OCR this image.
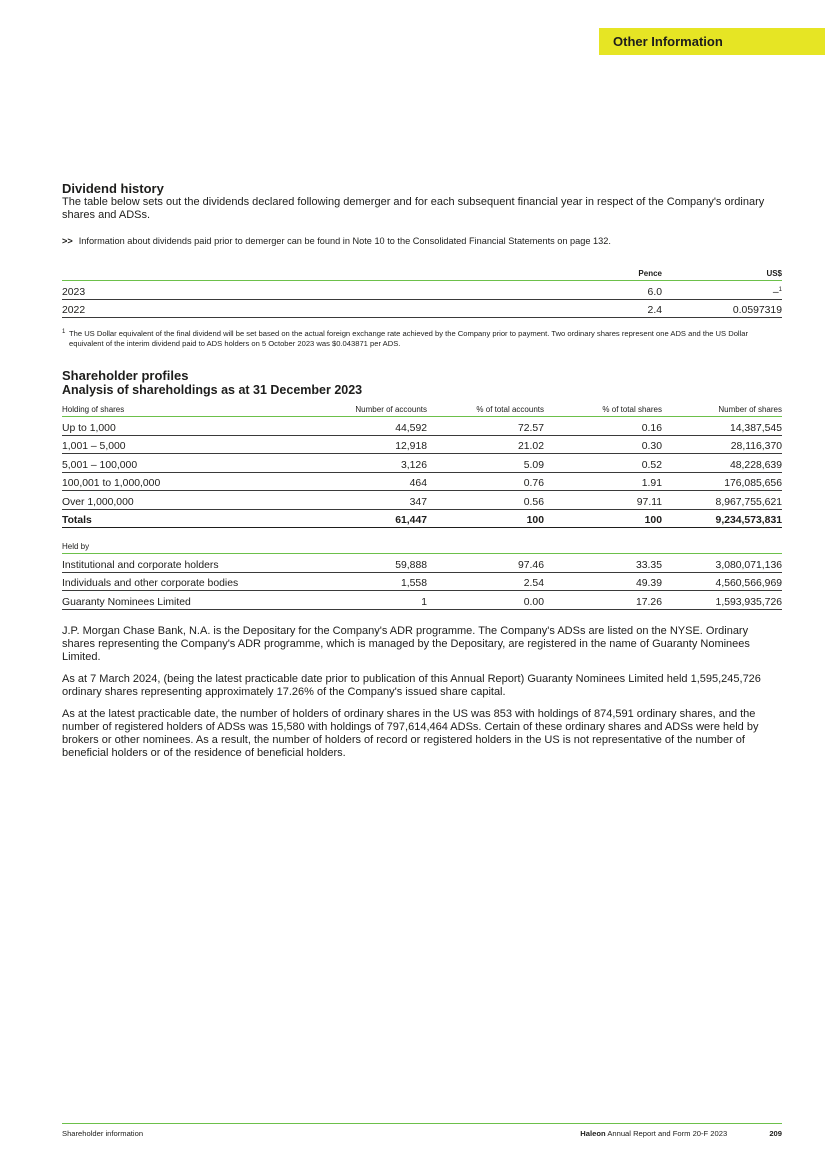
Other Information
Dividend history

The table below sets out the dividends declared following demerger and for each subsequent financial year in respect of the Company's ordinary shares and ADSs.

>> Information about dividends paid prior to demerger can be found in Note 10 to the Consolidated Financial Statements on page 132.

	Pence	US$
2023	6.0	–$^1$
2022	2.4	0.0597319

1 The US Dollar equivalent of the final dividend will be set based on the actual foreign exchange rate achieved by the Company prior to payment. Two ordinary shares represent one ADS and the US Dollar equivalent of the interim dividend paid to ADS holders on 5 October 2023 was $0.043871 per ADS.

Shareholder profiles
Analysis of shareholdings as at 31 December 2023
Holding of shares	Number of accounts	% of total accounts	% of total shares	Number of shares
Up to 1,000	44,592	72.57	0.16	14,387,545
1,001 – 5,000	12,918	21.02	0.30	28,116,370
5,001 – 100,000	3,126	5.09	0.52	48,228,639
100,001 to 1,000,000	464	0.76	1.91	176,085,656
Over 1,000,000	347	0.56	97.11	8,967,755,621
Totals	61,447	100	100	9,234,573,831
Held by				
Institutional and corporate holders	59,888	97.46	33.35	3,080,071,136
Individuals and other corporate bodies	1,558	2.54	49.39	4,560,566,969
Guaranty Nominees Limited	1	0.00	17.26	1,593,935,726

J.P. Morgan Chase Bank, N.A. is the Depositary for the Company's ADR programme. The Company's ADSs are listed on the NYSE. Ordinary shares representing the Company's ADR programme, which is managed by the Depositary, are registered in the name of Guaranty Nominees Limited.

As at 7 March 2024, (being the latest practicable date prior to publication of this Annual Report) Guaranty Nominees Limited held 1,595,245,726 ordinary shares representing approximately 17.26% of the Company's issued share capital.

As at the latest practicable date, the number of holders of ordinary shares in the US was 853 with holdings of 874,591 ordinary shares, and the number of registered holders of ADSs was 15,580 with holdings of 797,614,464 ADSs. Certain of these ordinary shares and ADSs were held by brokers or other nominees. As a result, the number of holders of record or registered holders in the US is not representative of the number of beneficial holders or of the residence of beneficial holders.

Shareholder information	Haleon Annual Report and Form 20-F 2023	209
